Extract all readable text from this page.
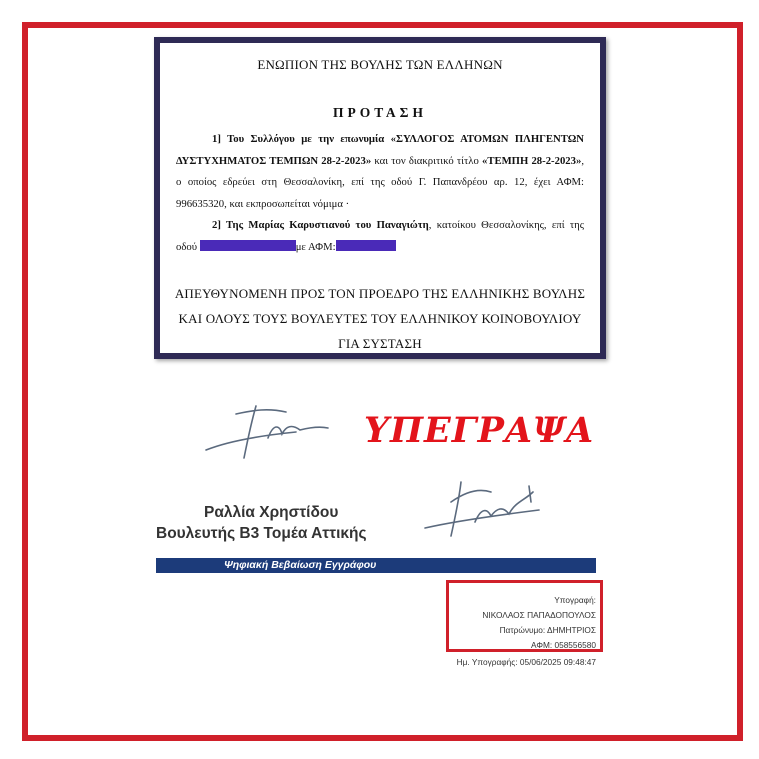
ΕΝΩΠΙΟΝ ΤΗΣ ΒΟΥΛΗΣ ΤΩΝ ΕΛΛΗΝΩΝ
ΠΡΟΤΑΣΗ

1] Του Συλλόγου με την επωνυμία «ΣΥΛΛΟΓΟΣ ΑΤΟΜΩΝ ΠΛΗΓΕΝΤΩΝ ΔΥΣΤΥΧΗΜΑΤΟΣ ΤΕΜΠΩΝ 28-2-2023» και τον διακριτικό τίτλο «ΤΕΜΠΗ 28-2-2023», ο οποίος εδρεύει στη Θεσσαλονίκη, επί της οδού Γ. Παπανδρέου αρ. 12, έχει ΑΦΜ: 996635320, και εκπροσωπείται νόμιμα ·

2] Της Μαρίας Καρυστιανού του Παναγιώτη, κατοίκου Θεσσαλονίκης, επί της οδού	με ΑΦΜ:

ΑΠΕΥΘΥΝΟΜΕΝΗ ΠΡΟΣ ΤΟΝ ΠΡΟΕΔΡΟ ΤΗΣ ΕΛΛΗΝΙΚΗΣ ΒΟΥΛΗΣ ΚΑΙ ΟΛΟΥΣ ΤΟΥΣ ΒΟΥΛΕΥΤΕΣ ΤΟΥ ΕΛΛΗΝΙΚΟΥ ΚΟΙΝΟΒΟΥΛΙΟΥ ΓΙΑ ΣΥΣΤΑΣΗ
ΥΠΕΓΡΑΨΑ
Ραλλία Χρηστίδου
Βουλευτής Β3 Τομέα Αττικής
Ψηφιακή Βεβαίωση Εγγράφου
Υπογραφή:
ΝΙΚΟΛΑΟΣ ΠΑΠΑΔΟΠΟΥΛΟΣ
Πατρώνυμο: ΔΗΜΗΤΡΙΟΣ
ΑΦΜ: 058556580
Ημ. Υπογραφής: 05/06/2025 09:48:47
